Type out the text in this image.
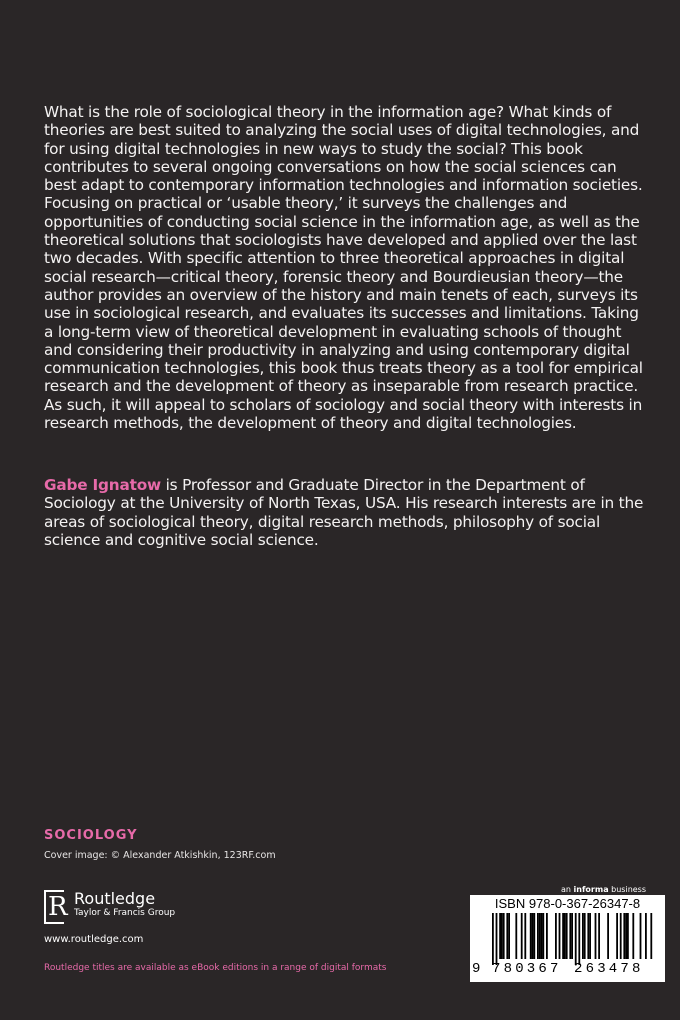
What is the role of sociological theory in the information age? What kinds of theories are best suited to analyzing the social uses of digital technologies, and for using digital technologies in new ways to study the social? This book contributes to several ongoing conversations on how the social sciences can best adapt to contemporary information technologies and information societies. Focusing on practical or ‘usable theory,’ it surveys the challenges and opportunities of conducting social science in the information age, as well as the theoretical solutions that sociologists have developed and applied over the last two decades. With specific attention to three theoretical approaches in digital social research—critical theory, forensic theory and Bourdieusian theory—the author provides an overview of the history and main tenets of each, surveys its use in sociological research, and evaluates its successes and limitations. Taking a long-term view of theoretical development in evaluating schools of thought and considering their productivity in analyzing and using contemporary digital communication technologies, this book thus treats theory as a tool for empirical research and the development of theory as inseparable from research practice. As such, it will appeal to scholars of sociology and social theory with interests in research methods, the development of theory and digital technologies.

Gabe Ignatow is Professor and Graduate Director in the Department of Sociology at the University of North Texas, USA. His research interests are in the areas of sociological theory, digital research methods, philosophy of social science and cognitive social science.

SOCIOLOGY
Cover image: © Alexander Atkishkin, 123RF.com
R Routledge
Taylor & Francis Group
www.routledge.com
Routledge titles are available as eBook editions in a range of digital formats
an informa business
ISBN 978-0-367-26347-8
9 780367 263478
